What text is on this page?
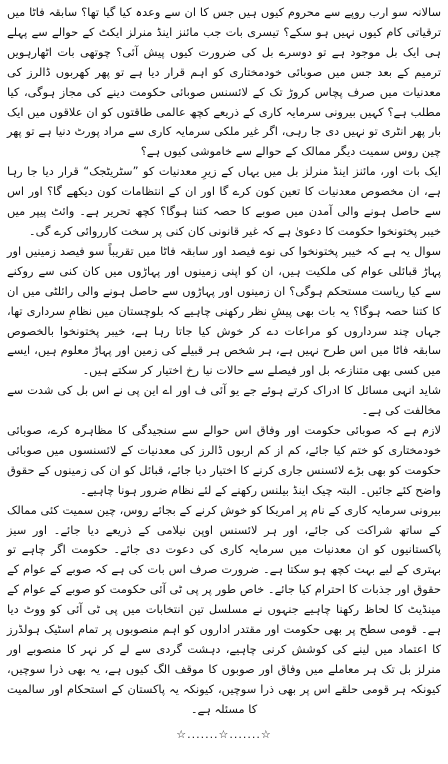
سالانہ سو ارب روپے سے محروم کیوں ہیں جس کا ان سے وعدہ کیا گیا تھا؟ سابقہ فاٹا میں ترقیاتی کام کیوں نہیں ہو سکے؟ تیسری بات جب مائنز اینڈ منرلز ایکٹ کے حوالے سے پہلے ہی ایک بل موجود ہے تو دوسرے بل کی ضرورت کیوں پیش آئی؟ چوتھی بات اٹھارہویں ترمیم کے بعد جس میں صوبائی خودمختاری کو اہم قرار دیا ہے تو پھر کھربوں ڈالرز کی معدنیات میں صرف پچاس کروڑ تک کے لائسنس صوبائی حکومت دینے کی مجاز ہوگی، کیا مطلب ہے؟ کہیں بیرونی سرمایہ کاری کے ذریعے کچھ عالمی طاقتوں کو ان علاقوں میں ایک بار پھر انٹری تو نہیں دی جا رہی، اگر غیر ملکی سرمایہ کاری سے مراد پورٹ دنیا ہے تو پھر چین روس سمیت دیگر ممالک کے حوالے سے خاموشی کیوں ہے؟

ایک بات اور، مائنز اینڈ منرلز بل میں یہاں کے زیرِ معدنیات کو ”سٹریٹجک“ قرار دیا جا رہا ہے، ان مخصوص معدنیات کا تعین کون کرے گا اور ان کے انتظامات کون دیکھے گا؟ اور اس سے حاصل ہونے والی آمدن میں صوبے کا حصہ کتنا ہوگا؟ کچھ تحریر ہے۔ وائٹ پیپر میں خیبر پختونخوا حکومت کا دعویٰ ہے کہ غیر قانونی کان کنی پر سخت کارروائی کرے گی۔

سوال یہ ہے کہ خیبر پختونخوا کی نوے فیصد اور سابقہ فاٹا میں تقریباً سو فیصد زمینیں اور پہاڑ قبائلی عوام کی ملکیت ہیں، ان کو اپنی زمینوں اور پہاڑوں میں کان کنی سے روکنے سے کیا ریاست مستحکم ہوگی؟ ان زمینوں اور پہاڑوں سے حاصل ہونے والی رائلٹی میں ان کا کتنا حصہ ہوگا؟ یہ بات بھی پیشِ نظر رکھنی چاہیے کہ بلوچستان میں نظامِ سرداری تھا، جہاں چند سرداروں کو مراعات دے کر خوش کیا جاتا رہا ہے، خیبر پختونخوا بالخصوص سابقہ فاٹا میں اس طرح نہیں ہے، ہر شخص ہر قبیلے کی زمین اور پہاڑ معلوم ہیں، ایسے میں کسی بھی متنازعہ بل اور فیصلے سے حالات نیا رخ اختیار کر سکتے ہیں۔

شاید انہی مسائل کا ادراک کرتے ہوئے جے یو آئی ف اور اے این پی نے اس بل کی شدت سے مخالفت کی ہے۔

لازم ہے کہ صوبائی حکومت اور وفاق اس حوالے سے سنجیدگی کا مظاہرہ کرے، صوبائی خودمختاری کو ختم کیا جائے، کم از کم اربوں ڈالرز کی معدنیات کے لائسنسوں میں صوبائی حکومت کو بھی بڑے لائسنس جاری کرنے کا اختیار دیا جائے، قبائل کو ان کی زمینوں کے حقوق واضح کئے جائیں۔ البتہ چیک اینڈ بیلنس رکھنے کے لئے نظام ضرور ہونا چاہیے۔

بیرونی سرمایہ کاری کے نام پر امریکا کو خوش کرنے کے بجائے روس، چین سمیت کئی ممالک کے ساتھ شراکت کی جائے، اور ہر لائسنس اوپن نیلامی کے ذریعے دیا جائے۔ اور سیز پاکستانیوں کو ان معدنیات میں سرمایہ کاری کی دعوت دی جائے۔ حکومت اگر چاہے تو بہتری کے لیے بہت کچھ ہو سکتا ہے۔ ضرورت صرف اس بات کی ہے کہ صوبے کے عوام کے حقوق اور جذبات کا احترام کیا جائے۔ خاص طور پر پی ٹی آئی حکومت کو صوبے کے عوام کے مینڈیٹ کا لحاظ رکھنا چاہیے جنہوں نے مسلسل تین انتخابات میں پی ٹی آئی کو ووٹ دیا ہے۔ قومی سطح پر بھی حکومت اور مقتدر اداروں کو اہم منصوبوں پر تمام اسٹیک ہولڈرز کا اعتماد میں لینے کی کوشش کرنی چاہیے، دہشت گردی سے لے کر نہر کا منصوبے اور منرلز بل تک ہر معاملے میں وفاق اور صوبوں کا موقف الگ کیوں ہے، یہ بھی ذرا سوچیں، کیونکہ ہر قومی حلقے اس پر بھی ذرا سوچیں، کیونکہ یہ پاکستان کے استحکام اور سالمیت کا مسئلہ ہے۔

☆.......☆.......☆
